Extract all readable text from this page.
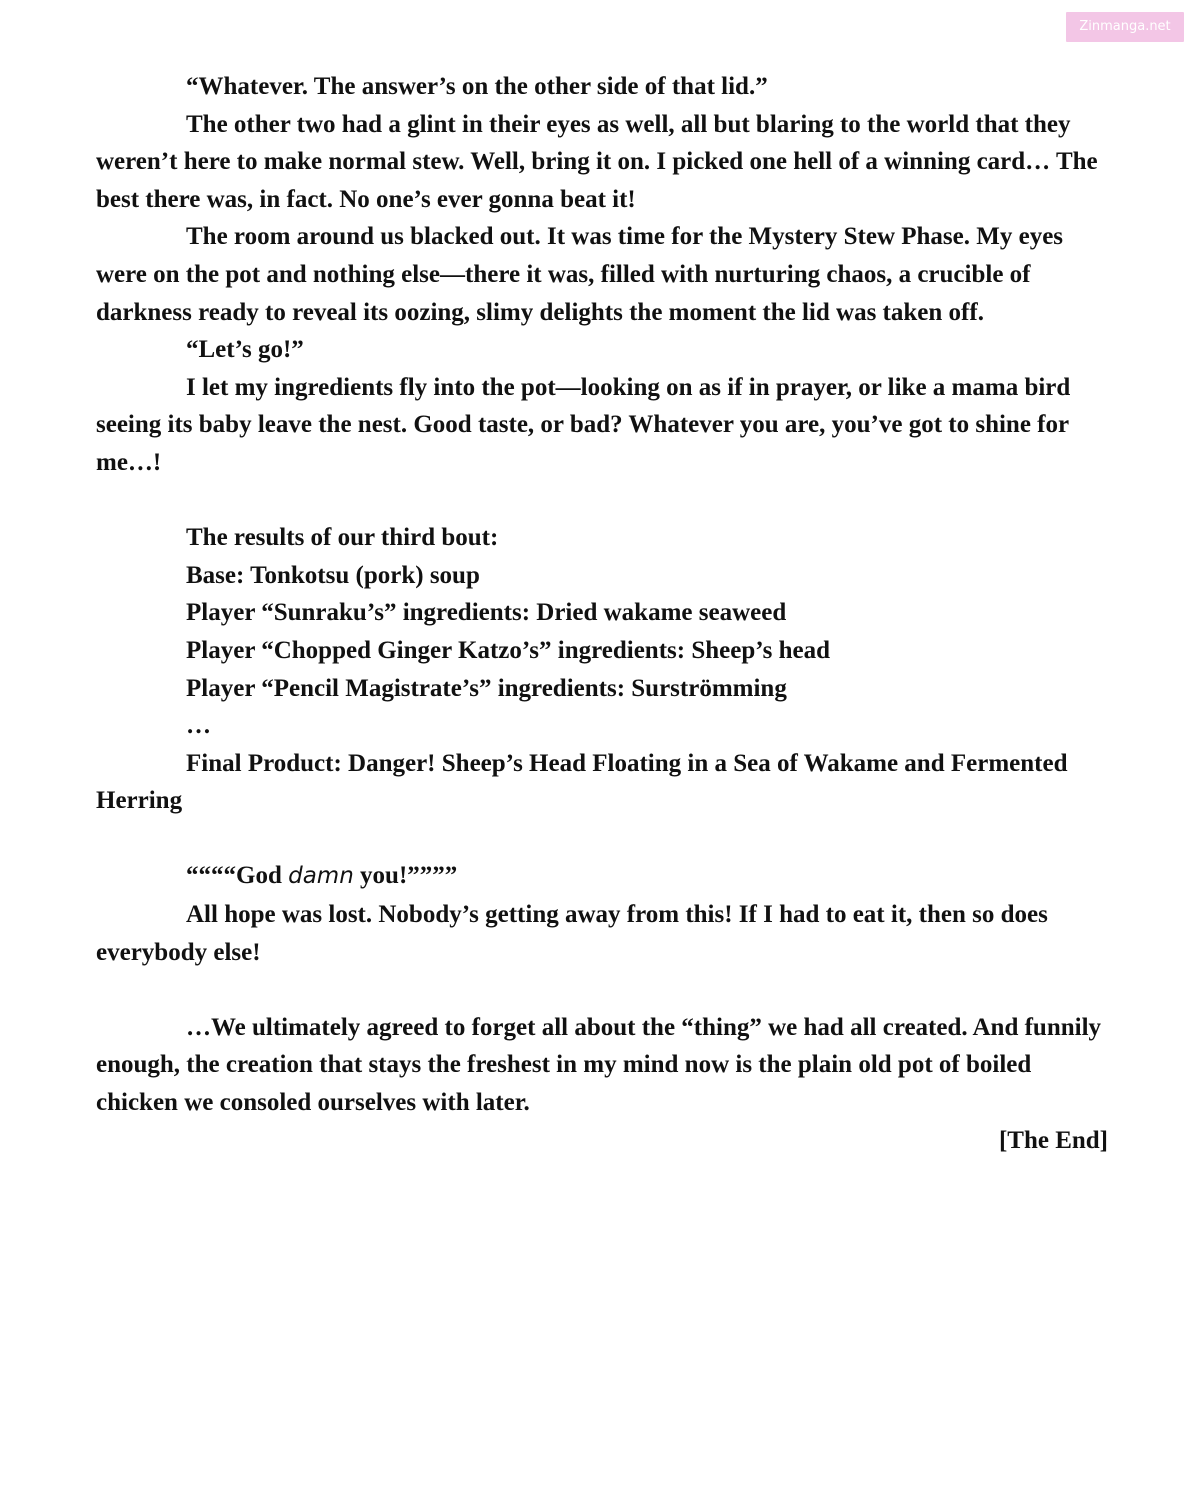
Zinmanga.net

“Whatever. The answer’s on the other side of that lid.”

The other two had a glint in their eyes as well, all but blaring to the world that they weren’t here to make normal stew. Well, bring it on. I picked one hell of a winning card… The best there was, in fact. No one’s ever gonna beat it!

The room around us blacked out. It was time for the Mystery Stew Phase. My eyes were on the pot and nothing else—there it was, filled with nurturing chaos, a crucible of darkness ready to reveal its oozing, slimy delights the moment the lid was taken off.

“Let’s go!”

I let my ingredients fly into the pot—looking on as if in prayer, or like a mama bird seeing its baby leave the nest. Good taste, or bad? Whatever you are, you’ve got to shine for me…!

The results of our third bout:

Base: Tonkotsu (pork) soup

Player “Sunraku’s” ingredients: Dried wakame seaweed

Player “Chopped Ginger Katzo’s” ingredients: Sheep’s head

Player “Pencil Magistrate’s” ingredients: Surströmming

…

Final Product: Danger! Sheep’s Head Floating in a Sea of Wakame and Fermented Herring

““““God damn you!””””

All hope was lost. Nobody’s getting away from this! If I had to eat it, then so does everybody else!

…We ultimately agreed to forget all about the “thing” we had all created. And funnily enough, the creation that stays the freshest in my mind now is the plain old pot of boiled chicken we consoled ourselves with later.

[The End]
